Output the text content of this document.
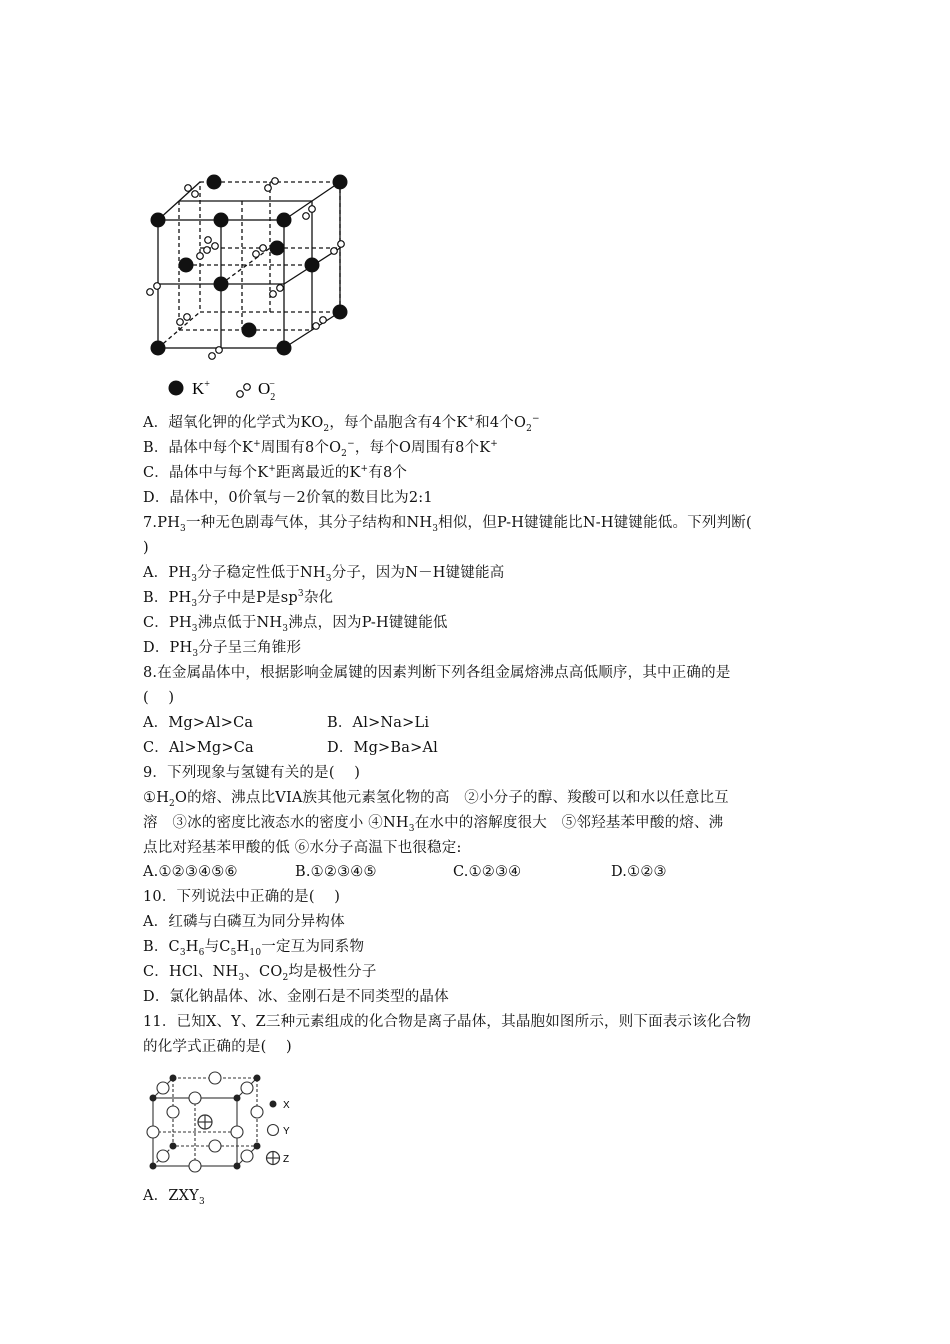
K+	$O_2-$
A．超氧化钾的化学式为$KO_2$，每个晶胞含有4个K+和4个$O_2^-$
B．晶体中每个K+周围有8个$O_2^-$，每个O周围有8个K+
C．晶体中与每个K+距离最近的K+有8个
D．晶体中，0价氧与－2价氧的数目比为2:1
$7.PH_3$一种无色剧毒气体，其分子结构和$NH_3$相似，但P-H键键能比N-H键键能低。下列判断(
)
A．$PH_3$分子稳定性低于$NH_3$分子，因为N－H键键能高
B．$PH_3$分子中是P是$sp^3$杂化
C．$PH_3$沸点低于$NH_3$沸点，因为P-H键键能低
D．$PH_3$分子呈三角锥形
8.在金属晶体中，根据影响金属键的因素判断下列各组金属熔沸点高低顺序，其中正确的是
(　 )
A．Mg>Al>Ca	B．Al>Na>Li
C．Al>Mg>Ca	D．Mg>Ba>Al
9．下列现象与氢键有关的是(　 )
$①H_2O$的熔、沸点比VIA族其他元素氢化物的高　②小分子的醇、羧酸可以和水以任意比互
溶　③冰的密度比液态水的密度小 $④NH_3$在水中的溶解度很大　⑤邻羟基苯甲酸的熔、沸
点比对羟基苯甲酸的低 ⑥水分子高温下也很稳定:
A.①②③④⑤⑥	B.①②③④⑤	C.①②③④	D.①②③
10．下列说法中正确的是(　 )
A．红磷与白磷互为同分异构体
B．$C_3H_6$与$C_5H_{10}$一定互为同系物
C．HCl、$NH_3$、$CO_2$均是极性分子
D．氯化钠晶体、冰、金刚石是不同类型的晶体
11．已知X、Y、Z三种元素组成的化合物是离子晶体，其晶胞如图所示，则下面表示该化合物
的化学式正确的是(　 )
X
Y
Z
A．$ZXY_3$
